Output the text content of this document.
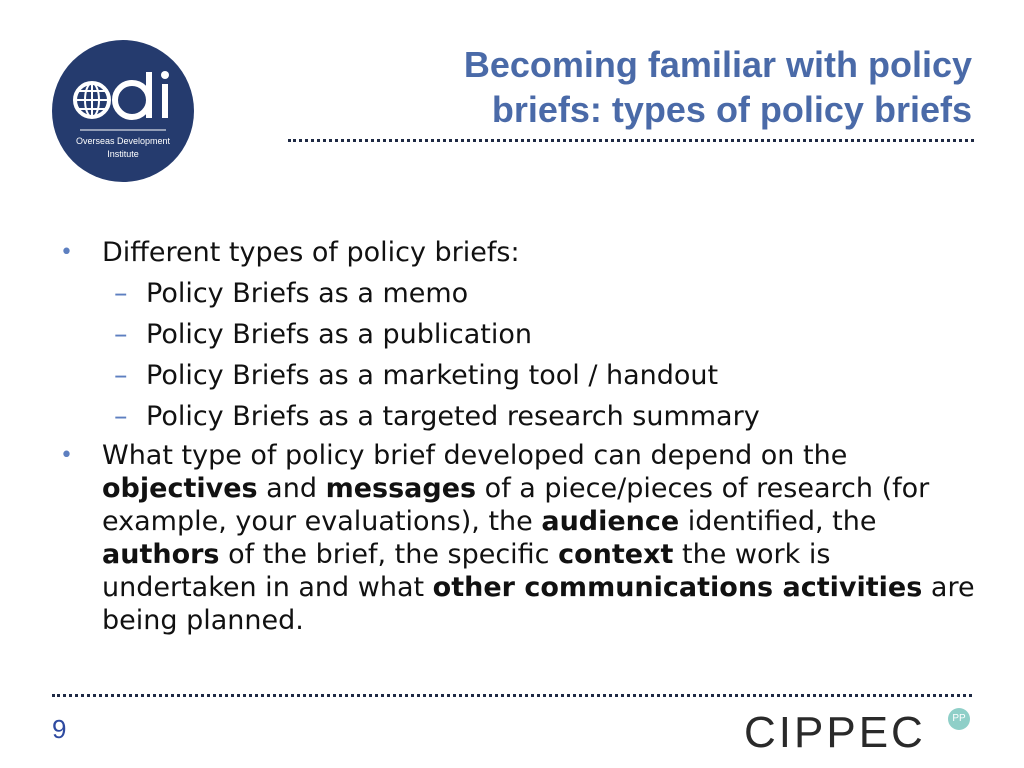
Overseas Development Institute
Becoming familiar with policy
briefs: types of policy briefs

• Different types of policy briefs:

– Policy Briefs as a memo

– Policy Briefs as a publication

– Policy Briefs as a marketing tool / handout

– Policy Briefs as a targeted research summary

• What type of policy brief developed can depend on the objectives and messages of a piece/pieces of research (for example, your evaluations), the audience identified, the authors of the brief, the specific context the work is undertaken in and what other communications activities are being planned.

9	CIPPEC	PP
